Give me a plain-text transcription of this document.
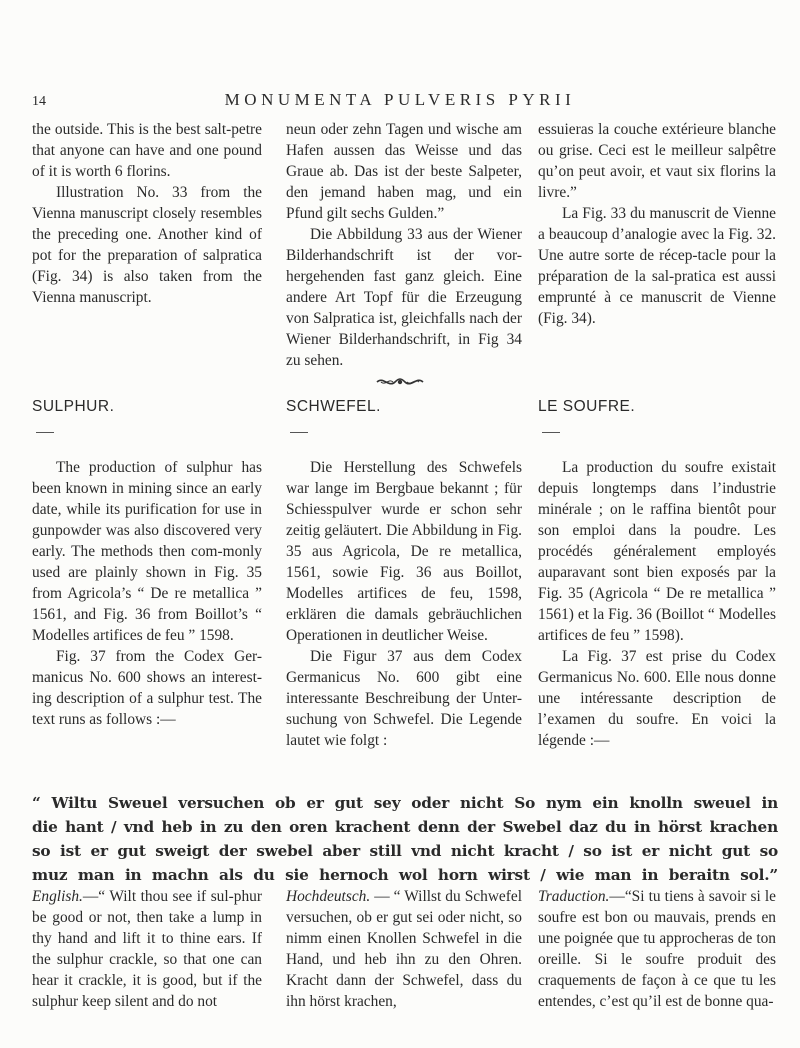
14	MONUMENTA PULVERIS PYRII

the outside. This is the best salt-petre that anyone can have and one pound of it is worth 6 florins.

Illustration No. 33 from the Vienna manuscript closely resembles the preceding one. Another kind of pot for the preparation of salpratica (Fig. 34) is also taken from the Vienna manuscript.

neun oder zehn Tagen und wische am Hafen aussen das Weisse und das Graue ab. Das ist der beste Salpeter, den jemand haben mag, und ein Pfund gilt sechs Gulden.”

Die Abbildung 33 aus der Wiener Bilderhandschrift ist der vor-hergehenden fast ganz gleich. Eine andere Art Topf für die Erzeugung von Salpratica ist, gleichfalls nach der Wiener Bilderhandschrift, in Fig 34 zu sehen.

essuieras la couche extérieure blanche ou grise. Ceci est le meilleur salpêtre qu’on peut avoir, et vaut six florins la livre.”

La Fig. 33 du manuscrit de Vienne a beaucoup d’analogie avec la Fig. 32. Une autre sorte de récep-tacle pour la préparation de la sal-pratica est aussi emprunté à ce manuscrit de Vienne (Fig. 34).

SULPHUR.	SCHWEFEL.	LE SOUFRE.

The production of sulphur has been known in mining since an early date, while its purification for use in gunpowder was also discovered very early. The methods then com-monly used are plainly shown in Fig. 35 from Agricola’s “ De re metallica ” 1561, and Fig. 36 from Boillot’s “ Modelles artifices de feu ” 1598.

Fig. 37 from the Codex Ger-manicus No. 600 shows an interest-ing description of a sulphur test. The text runs as follows :—

Die Herstellung des Schwefels war lange im Bergbaue bekannt ; für Schiesspulver wurde er schon sehr zeitig geläutert. Die Abbildung in Fig. 35 aus Agricola, De re metallica, 1561, sowie Fig. 36 aus Boillot, Modelles artifices de feu, 1598, erklären die damals gebräuchlichen Operationen in deutlicher Weise.

Die Figur 37 aus dem Codex Germanicus No. 600 gibt eine interessante Beschreibung der Unter-suchung von Schwefel. Die Legende lautet wie folgt :

La production du soufre existait depuis longtemps dans l’industrie minérale ; on le raffina bientôt pour son emploi dans la poudre. Les procédés généralement employés auparavant sont bien exposés par la Fig. 35 (Agricola “ De re metallica ” 1561) et la Fig. 36 (Boillot “ Modelles artifices de feu ” 1598).

La Fig. 37 est prise du Codex Germanicus No. 600. Elle nous donne une intéressante description de l’examen du soufre. En voici la légende :—

“ Wiltu Sweuel versuchen ob er gut sey oder nicht So nym ein knolln sweuel in
die hant / vnd heb in zu den oren krachent denn der Swebel daz du in hörst krachen
so ist er gut sweigt der swebel aber still vnd nicht kracht / so ist er nicht gut so
muz man in machn als du sie hernoch wol horn wirst / wie man in beraitn sol.”

English.—“ Wilt thou see if sul-phur be good or not, then take a lump in thy hand and lift it to thine ears. If the sulphur crackle, so that one can hear it crackle, it is good, but if the sulphur keep silent and do not

Hochdeutsch. — “ Willst du Schwefel versuchen, ob er gut sei oder nicht, so nimm einen Knollen Schwefel in die Hand, und heb ihn zu den Ohren. Kracht dann der Schwefel, dass du ihn hörst krachen,

Traduction.—“Si tu tiens à savoir si le soufre est bon ou mauvais, prends en une poignée que tu approcheras de ton oreille. Si le soufre produit des craquements de façon à ce que tu les entendes, c’est qu’il est de bonne qua-
